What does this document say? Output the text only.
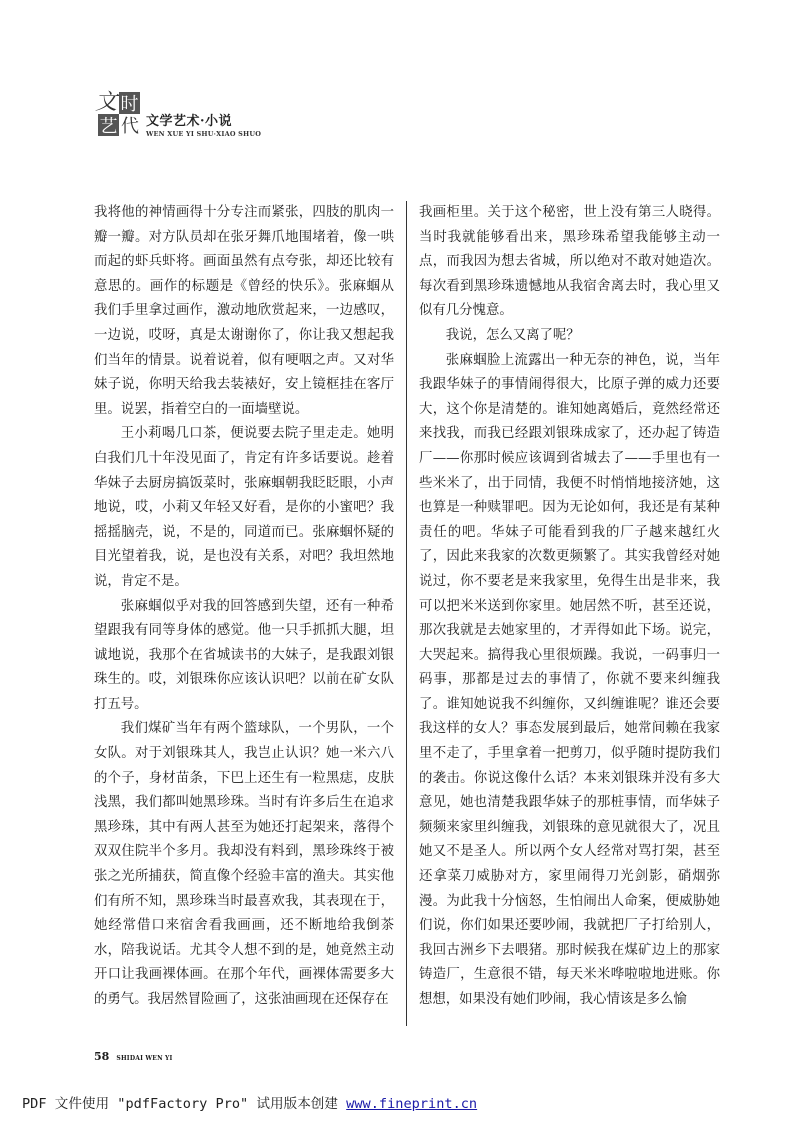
文 时
艺 代 文学艺术·小说
WEN XUE YI SHU·XIAO SHUO

我将他的神情画得十分专注而紧张，四肢的肌肉一瓣一瓣。对方队员却在张牙舞爪地围堵着，像一哄而起的虾兵虾将。画面虽然有点夸张，却还比较有意思的。画作的标题是《曾经的快乐》。张麻蝈从我们手里拿过画作，激动地欣赏起来，一边感叹，一边说，哎呀，真是太谢谢你了，你让我又想起我们当年的情景。说着说着，似有哽咽之声。又对华妹子说，你明天给我去装裱好，安上镜框挂在客厅里。说罢，指着空白的一面墙壁说。

王小莉喝几口茶，便说要去院子里走走。她明白我们几十年没见面了，肯定有许多话要说。趁着华妹子去厨房搞饭菜时，张麻蝈朝我眨眨眼，小声地说，哎，小莉又年轻又好看，是你的小蜜吧？我摇摇脑壳，说，不是的，同道而已。张麻蝈怀疑的目光望着我，说，是也没有关系，对吧？我坦然地说，肯定不是。

张麻蝈似乎对我的回答感到失望，还有一种希望跟我有同等身体的感觉。他一只手抓抓大腿，坦诚地说，我那个在省城读书的大妹子，是我跟刘银珠生的。哎，刘银珠你应该认识吧？以前在矿女队打五号。

我们煤矿当年有两个篮球队，一个男队，一个女队。对于刘银珠其人，我岂止认识？她一米六八的个子，身材苗条，下巴上还生有一粒黑痣，皮肤浅黑，我们都叫她黑珍珠。当时有许多后生在追求黑珍珠，其中有两人甚至为她还打起架来，落得个双双住院半个多月。我却没有料到，黑珍珠终于被张之光所捕获，简直像个经验丰富的渔夫。其实他们有所不知，黑珍珠当时最喜欢我，其表现在于，她经常借口来宿舍看我画画，还不断地给我倒茶水，陪我说话。尤其令人想不到的是，她竟然主动开口让我画裸体画。在那个年代，画裸体需要多大的勇气。我居然冒险画了，这张油画现在还保存在

我画柜里。关于这个秘密，世上没有第三人晓得。当时我就能够看出来，黑珍珠希望我能够主动一点，而我因为想去省城，所以绝对不敢对她造次。每次看到黑珍珠遗憾地从我宿舍离去时，我心里又似有几分愧意。

我说，怎么又离了呢？

张麻蝈脸上流露出一种无奈的神色，说，当年我跟华妹子的事情闹得很大，比原子弹的威力还要大，这个你是清楚的。谁知她离婚后，竟然经常还来找我，而我已经跟刘银珠成家了，还办起了铸造厂——你那时候应该调到省城去了——手里也有一些米米了，出于同情，我便不时悄悄地接济她，这也算是一种赎罪吧。因为无论如何，我还是有某种责任的吧。华妹子可能看到我的厂子越来越红火了，因此来我家的次数更频繁了。其实我曾经对她说过，你不要老是来我家里，免得生出是非来，我可以把米米送到你家里。她居然不听，甚至还说，那次我就是去她家里的，才弄得如此下场。说完，大哭起来。搞得我心里很烦躁。我说，一码事归一码事，那都是过去的事情了，你就不要来纠缠我了。谁知她说我不纠缠你，又纠缠谁呢？谁还会要我这样的女人？事态发展到最后，她常间赖在我家里不走了，手里拿着一把剪刀，似乎随时提防我们的袭击。你说这像什么话？本来刘银珠并没有多大意见，她也清楚我跟华妹子的那桩事情，而华妹子频频来家里纠缠我，刘银珠的意见就很大了，况且她又不是圣人。所以两个女人经常对骂打架，甚至还拿菜刀威胁对方，家里闹得刀光剑影，硝烟弥漫。为此我十分恼怒，生怕闹出人命案，便威胁她们说，你们如果还要吵闹，我就把厂子打给别人，我回古洲乡下去喂猪。那时候我在煤矿边上的那家铸造厂，生意很不错，每天米米哗啦啦地进账。你想想，如果没有她们吵闹，我心情该是多么愉

58 SHIDAI WEN YI
PDF 文件使用 "pdfFactory Pro" 试用版本创建 www.fineprint.cn
